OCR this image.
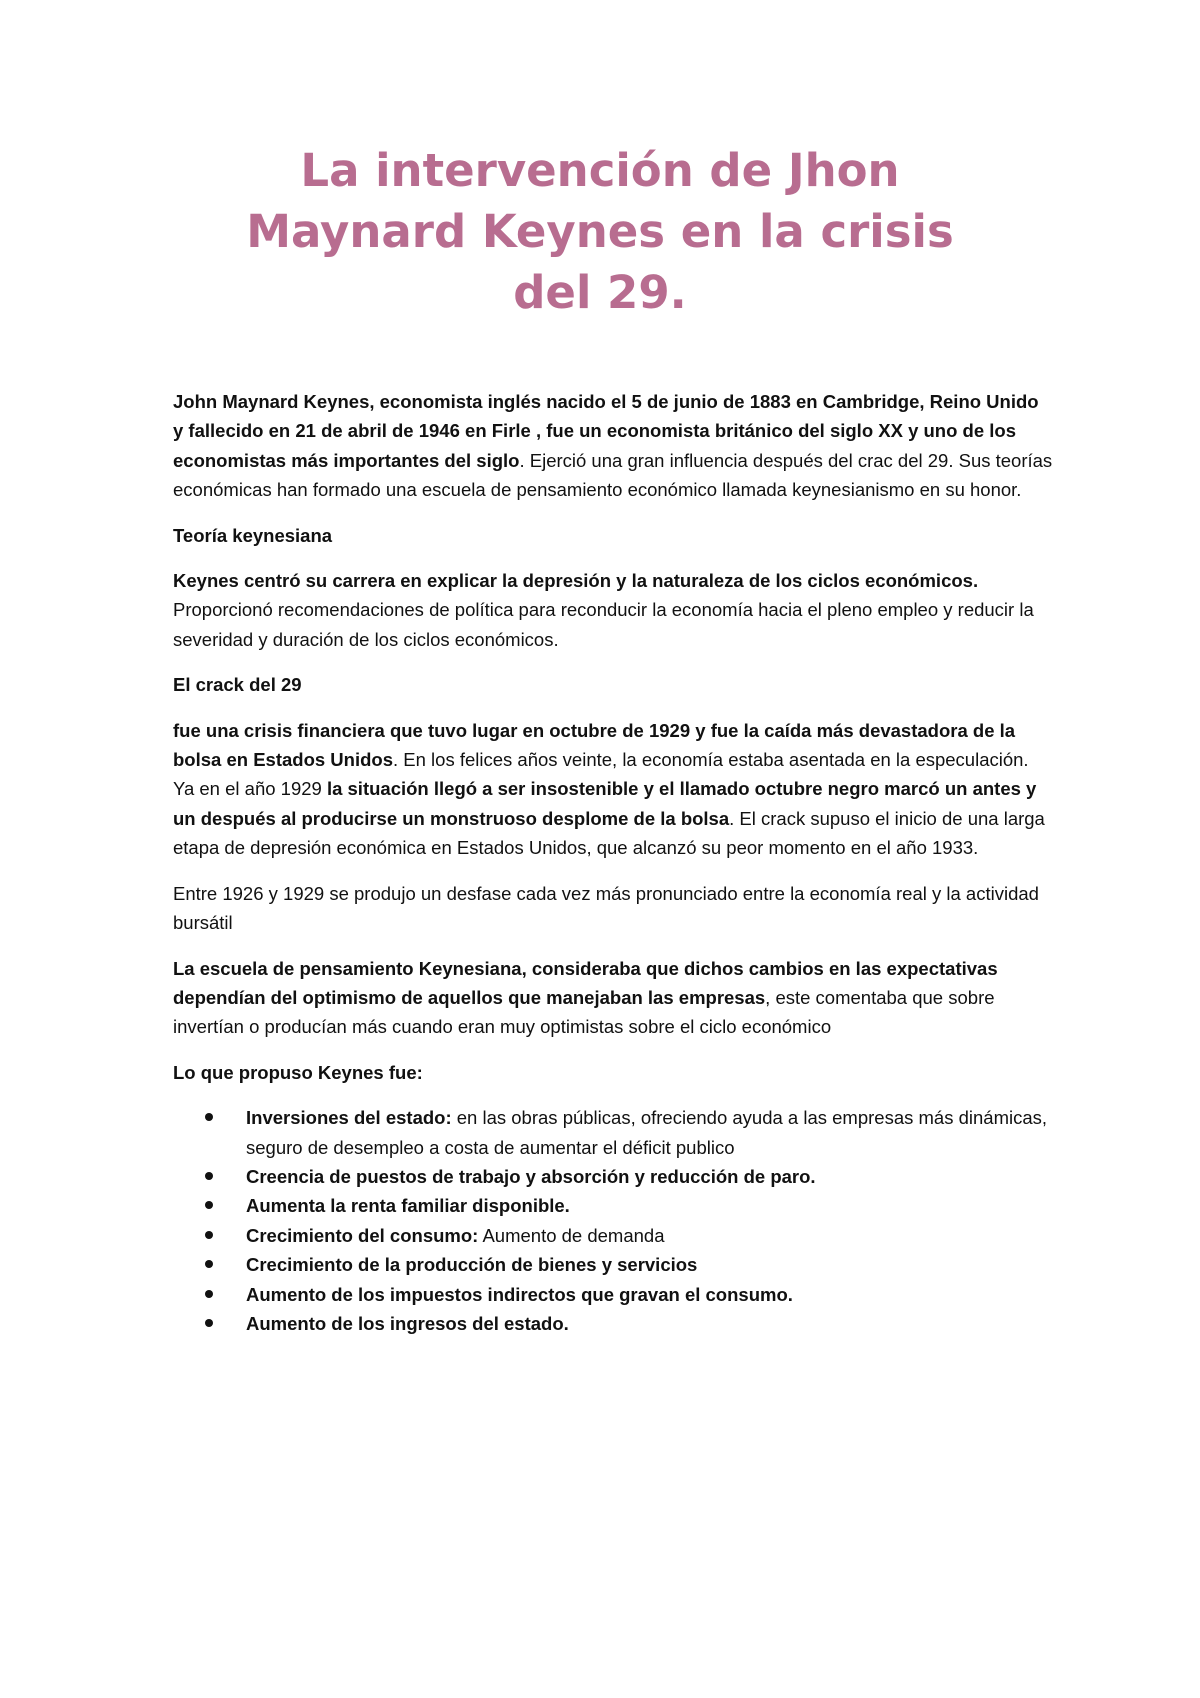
La intervención de Jhon
Maynard Keynes en la crisis
del 29.

John Maynard Keynes, economista inglés nacido el 5 de junio de 1883 en Cambridge, Reino Unido y fallecido en 21 de abril de 1946 en Firle , fue un economista británico del siglo XX y uno de los economistas más importantes del siglo. Ejerció una gran influencia después del crac del 29. Sus teorías económicas han formado una escuela de pensamiento económico llamada keynesianismo en su honor.

Teoría keynesiana

Keynes centró su carrera en explicar la depresión y la naturaleza de los ciclos económicos. Proporcionó recomendaciones de política para reconducir la economía hacia el pleno empleo y reducir la severidad y duración de los ciclos económicos.

El crack del 29

fue una crisis financiera que tuvo lugar en octubre de 1929 y fue la caída más devastadora de la bolsa en Estados Unidos. En los felices años veinte, la economía estaba asentada en la especulación. Ya en el año 1929 la situación llegó a ser insostenible y el llamado octubre negro marcó un antes y un después al producirse un monstruoso desplome de la bolsa. El crack supuso el inicio de una larga etapa de depresión económica en Estados Unidos, que alcanzó su peor momento en el año 1933.

Entre 1926 y 1929 se produjo un desfase cada vez más pronunciado entre la economía real y la actividad bursátil

La escuela de pensamiento Keynesiana, consideraba que dichos cambios en las expectativas dependían del optimismo de aquellos que manejaban las empresas, este comentaba que sobre invertían o producían más cuando eran muy optimistas sobre el ciclo económico

Lo que propuso Keynes fue:

Inversiones del estado: en las obras públicas, ofreciendo ayuda a las empresas más dinámicas, seguro de desempleo a costa de aumentar el déficit publico
Creencia de puestos de trabajo y absorción y reducción de paro.
Aumenta la renta familiar disponible.
Crecimiento del consumo: Aumento de demanda
Crecimiento de la producción de bienes y servicios
Aumento de los impuestos indirectos que gravan el consumo.
Aumento de los ingresos del estado.
